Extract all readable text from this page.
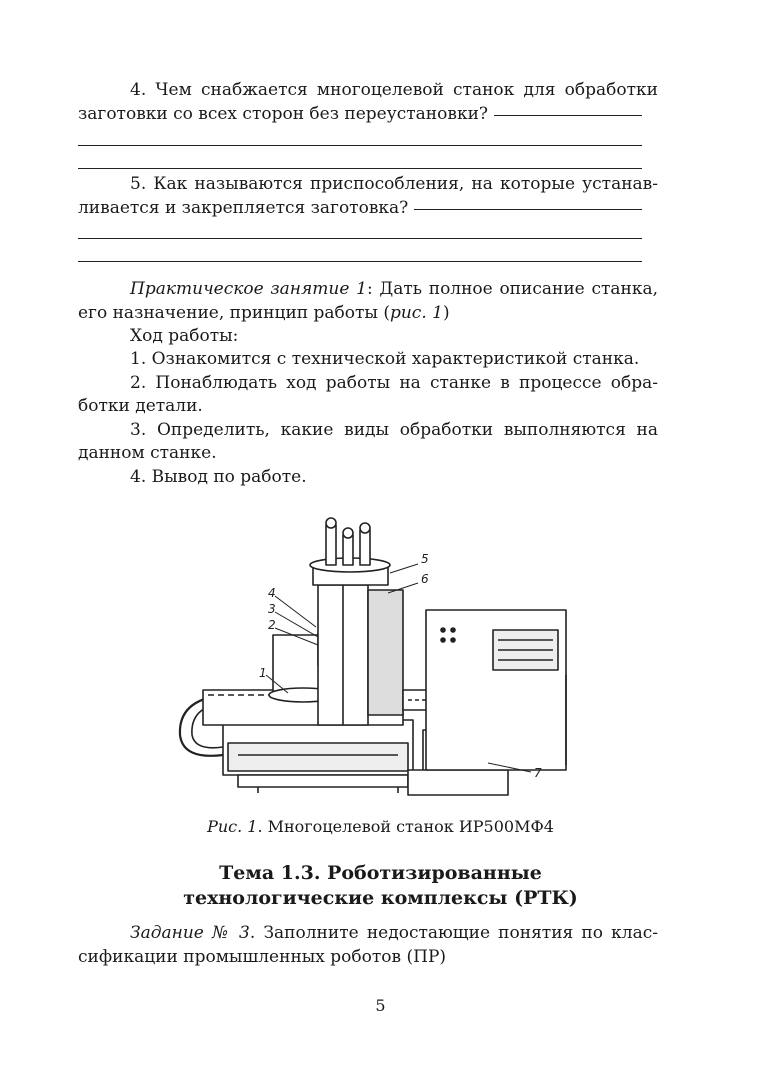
4. Чем снабжается многоцелевой станок для обработки
заготовки со всех сторон без переустановки?
5. Как называются приспособления, на которые устанав-
ливается и закрепляется заготовка?
Практическое занятие 1: Дать полное описание станка,
его назначение, принцип работы (рис. 1)
Ход работы:
1. Ознакомится с технической характеристикой станка.
2. Понаблюдать ход работы на станке в процессе обра-
ботки детали.
3. Определить, какие виды обработки выполняются на
данном станке.
4. Вывод по работе.
5
6
4
3
2
1
7
Рис. 1. Многоцелевой станок ИР500МФ4
Тема 1.3. Роботизированные
технологические комплексы (РТК)
Задание № 3. Заполните недостающие понятия по клас-
сификации промышленных роботов (ПР)
5
